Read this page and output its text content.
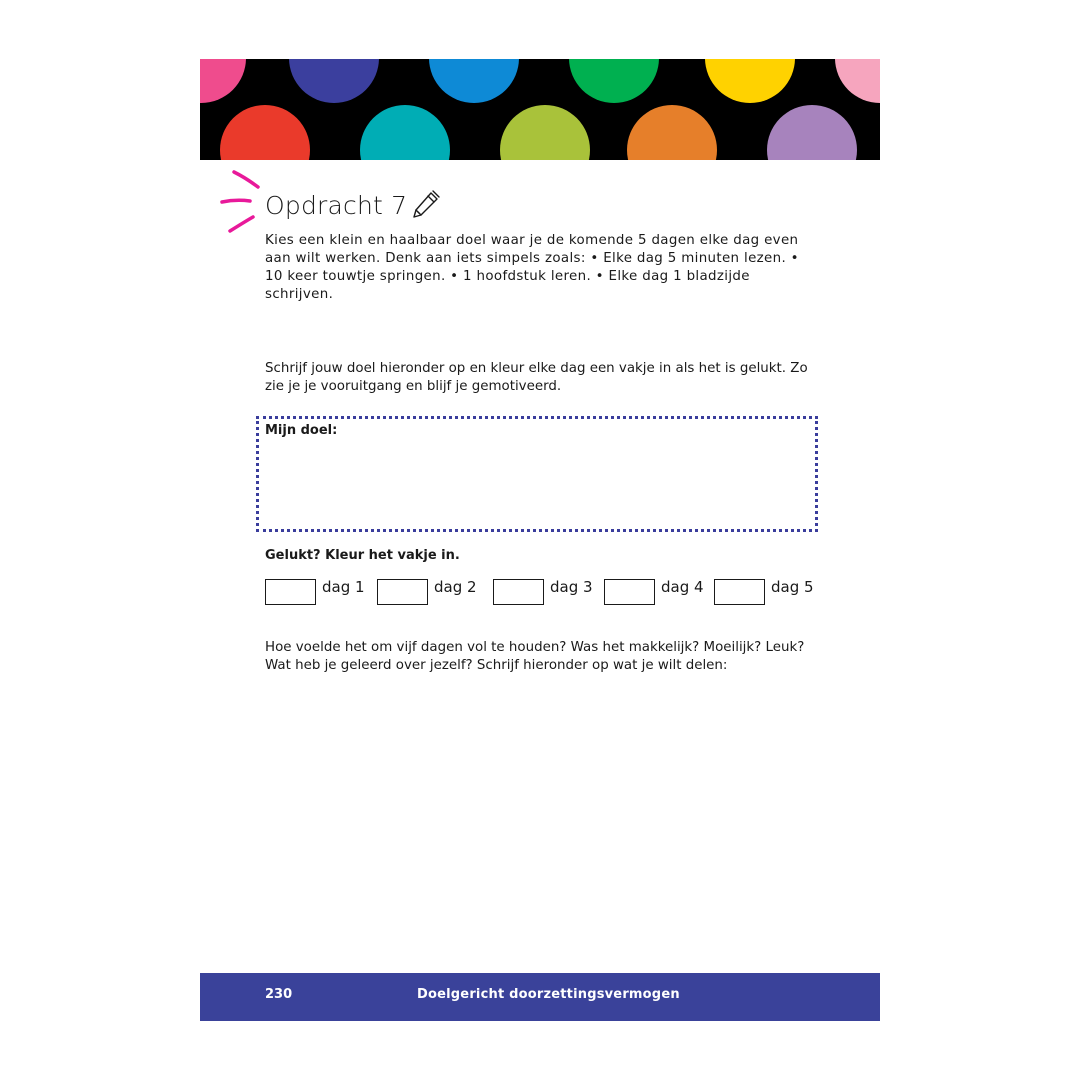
Opdracht 7
Kies een klein en haalbaar doel waar je de komende 5 dagen elke dag even aan wilt werken. Denk aan iets simpels zoals: • Elke dag 5 minuten lezen. • 10 keer touwtje springen. • 1 hoofdstuk leren. • Elke dag 1 bladzijde schrijven.
Schrijf jouw doel hieronder op en kleur elke dag een vakje in als het is gelukt. Zo zie je je vooruitgang en blijf je gemotiveerd.
Mijn doel:
Gelukt? Kleur het vakje in.
dag 1	dag 2	dag 3	dag 4	dag 5
Hoe voelde het om vijf dagen vol te houden? Was het makkelijk? Moeilijk? Leuk? Wat heb je geleerd over jezelf? Schrijf hieronder op wat je wilt delen:
230	Doelgericht doorzettingsvermogen
